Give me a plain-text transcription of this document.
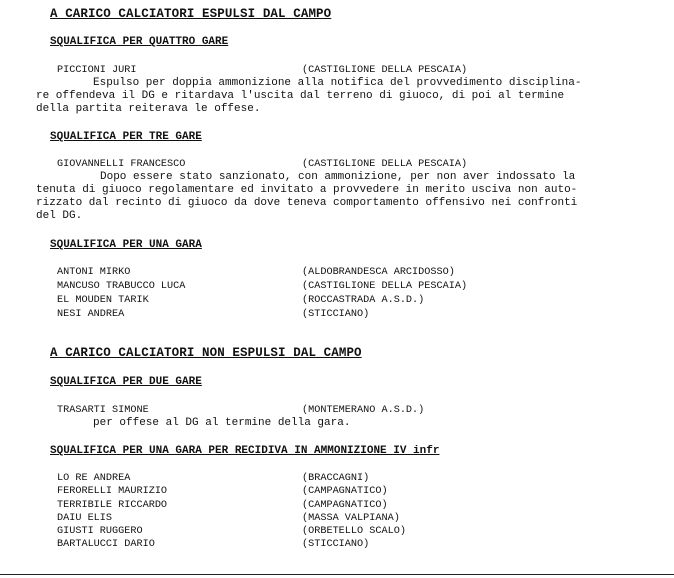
A CARICO CALCIATORI ESPULSI DAL CAMPO
SQUALIFICA PER QUATTRO GARE
PICCIONI JURI	(CASTIGLIONE DELLA PESCAIA)
Espulso per doppia ammonizione alla notifica del provvedimento disciplina-
re offendeva il DG e ritardava l'uscita dal terreno di giuoco, di poi al termine
della partita reiterava le offese.
SQUALIFICA PER TRE GARE
GIOVANNELLI FRANCESCO	(CASTIGLIONE DELLA PESCAIA)
Dopo essere stato sanzionato, con ammonizione, per non aver indossato la
tenuta di giuoco regolamentare ed invitato a provvedere in merito usciva non auto-
rizzato dal recinto di giuoco da dove teneva comportamento offensivo nei confronti
del DG.
SQUALIFICA PER UNA GARA
ANTONI MIRKO	(ALDOBRANDESCA ARCIDOSSO)
MANCUSO TRABUCCO LUCA	(CASTIGLIONE DELLA PESCAIA)
EL MOUDEN TARIK	(ROCCASTRADA A.S.D.)
NESI ANDREA	(STICCIANO)
A CARICO CALCIATORI NON ESPULSI DAL CAMPO
SQUALIFICA PER DUE GARE
TRASARTI SIMONE	(MONTEMERANO A.S.D.)
per offese al DG al termine della gara.
SQUALIFICA PER UNA GARA PER RECIDIVA IN AMMONIZIONE IV infr
LO RE ANDREA	(BRACCAGNI)
FERORELLI MAURIZIO	(CAMPAGNATICO)
TERRIBILE RICCARDO	(CAMPAGNATICO)
DAIU ELIS	(MASSA VALPIANA)
GIUSTI RUGGERO	(ORBETELLO SCALO)
BARTALUCCI DARIO	(STICCIANO)
